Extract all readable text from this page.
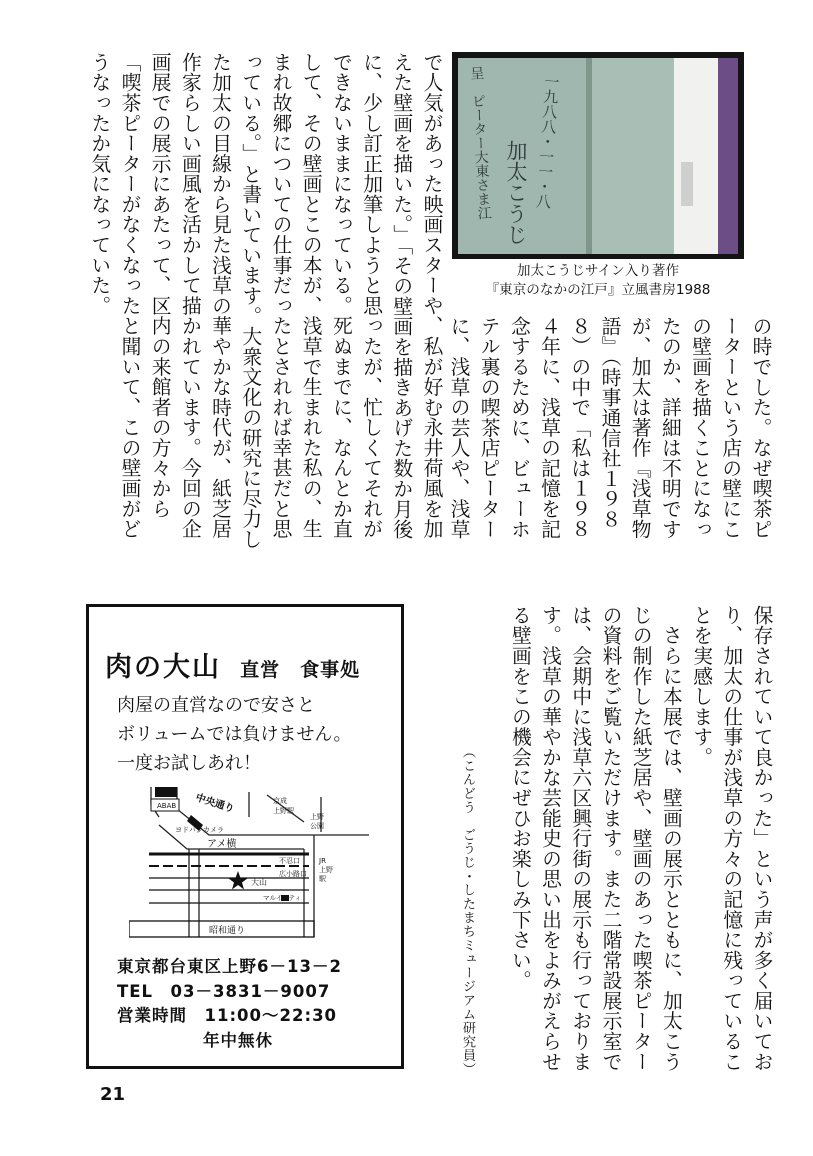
で人気があった映画スターや、私が好む永井荷風を加えた壁画を描いた。」「その壁画を描きあげた数か月後に、少し訂正加筆しようと思ったが、忙しくてそれができないままになっている。死ぬまでに、なんとか直して、その壁画とこの本が、浅草で生まれた私の、生まれ故郷についての仕事だったとされれば幸甚だと思っている。」と書いています。大衆文化の研究に尽力した加太の目線から見た浅草の華やかな時代が、紙芝居作家らしい画風を活かして描かれています。今回の企画展での展示にあたって、区内の来館者の方々から「喫茶ピーターがなくなったと聞いて、この壁画がどうなったか気になっていた。	一九八八・一一・八
加太こうじ
呈　ピーター大東さま江

加太こうじサイン入り著作

『東京のなかの江戸』立風書房1988

の時でした。なぜ喫茶ピーターという店の壁にこの壁画を描くことになったのか、詳細は不明ですが、加太は著作『浅草物語』（時事通信社１９８８）の中で「私は１９８４年に、浅草の記憶を記念するために、ビューホテル裏の喫茶店ピーターに、浅草の芸人や、浅草
保存されていて良かった」という声が多く届いており、加太の仕事が浅草の方々の記憶に残っていることを実感します。
　さらに本展では、壁画の展示とともに、加太こうじの制作した紙芝居や、壁画のあった喫茶ピーターの資料をご覧いただけます。また二階常設展示室では、会期中に浅草六区興行街の展示も行っておりま す。浅草の華やかな芸能史の思い出をよみがえらせる壁画をこの機会にぜひお楽しみ下さい。
（こんどう　ごうじ・したまちミュージアム研究員）
肉の大山 直営　食事処

肉屋の直営なので安さと

ボリュームでは負けません。

一度お試しあれ！

ABAB 中央通り	京成
上野駅
ヨドバシカメラ
上野
公園
アメ横
不忍口
広小路口
JR
上野
駅
大山
マルイシティ
昭和通り

東京都台東区上野6－13－2

TEL　03－3831－9007

営業時間　11:00～22:30

年中無休

21
